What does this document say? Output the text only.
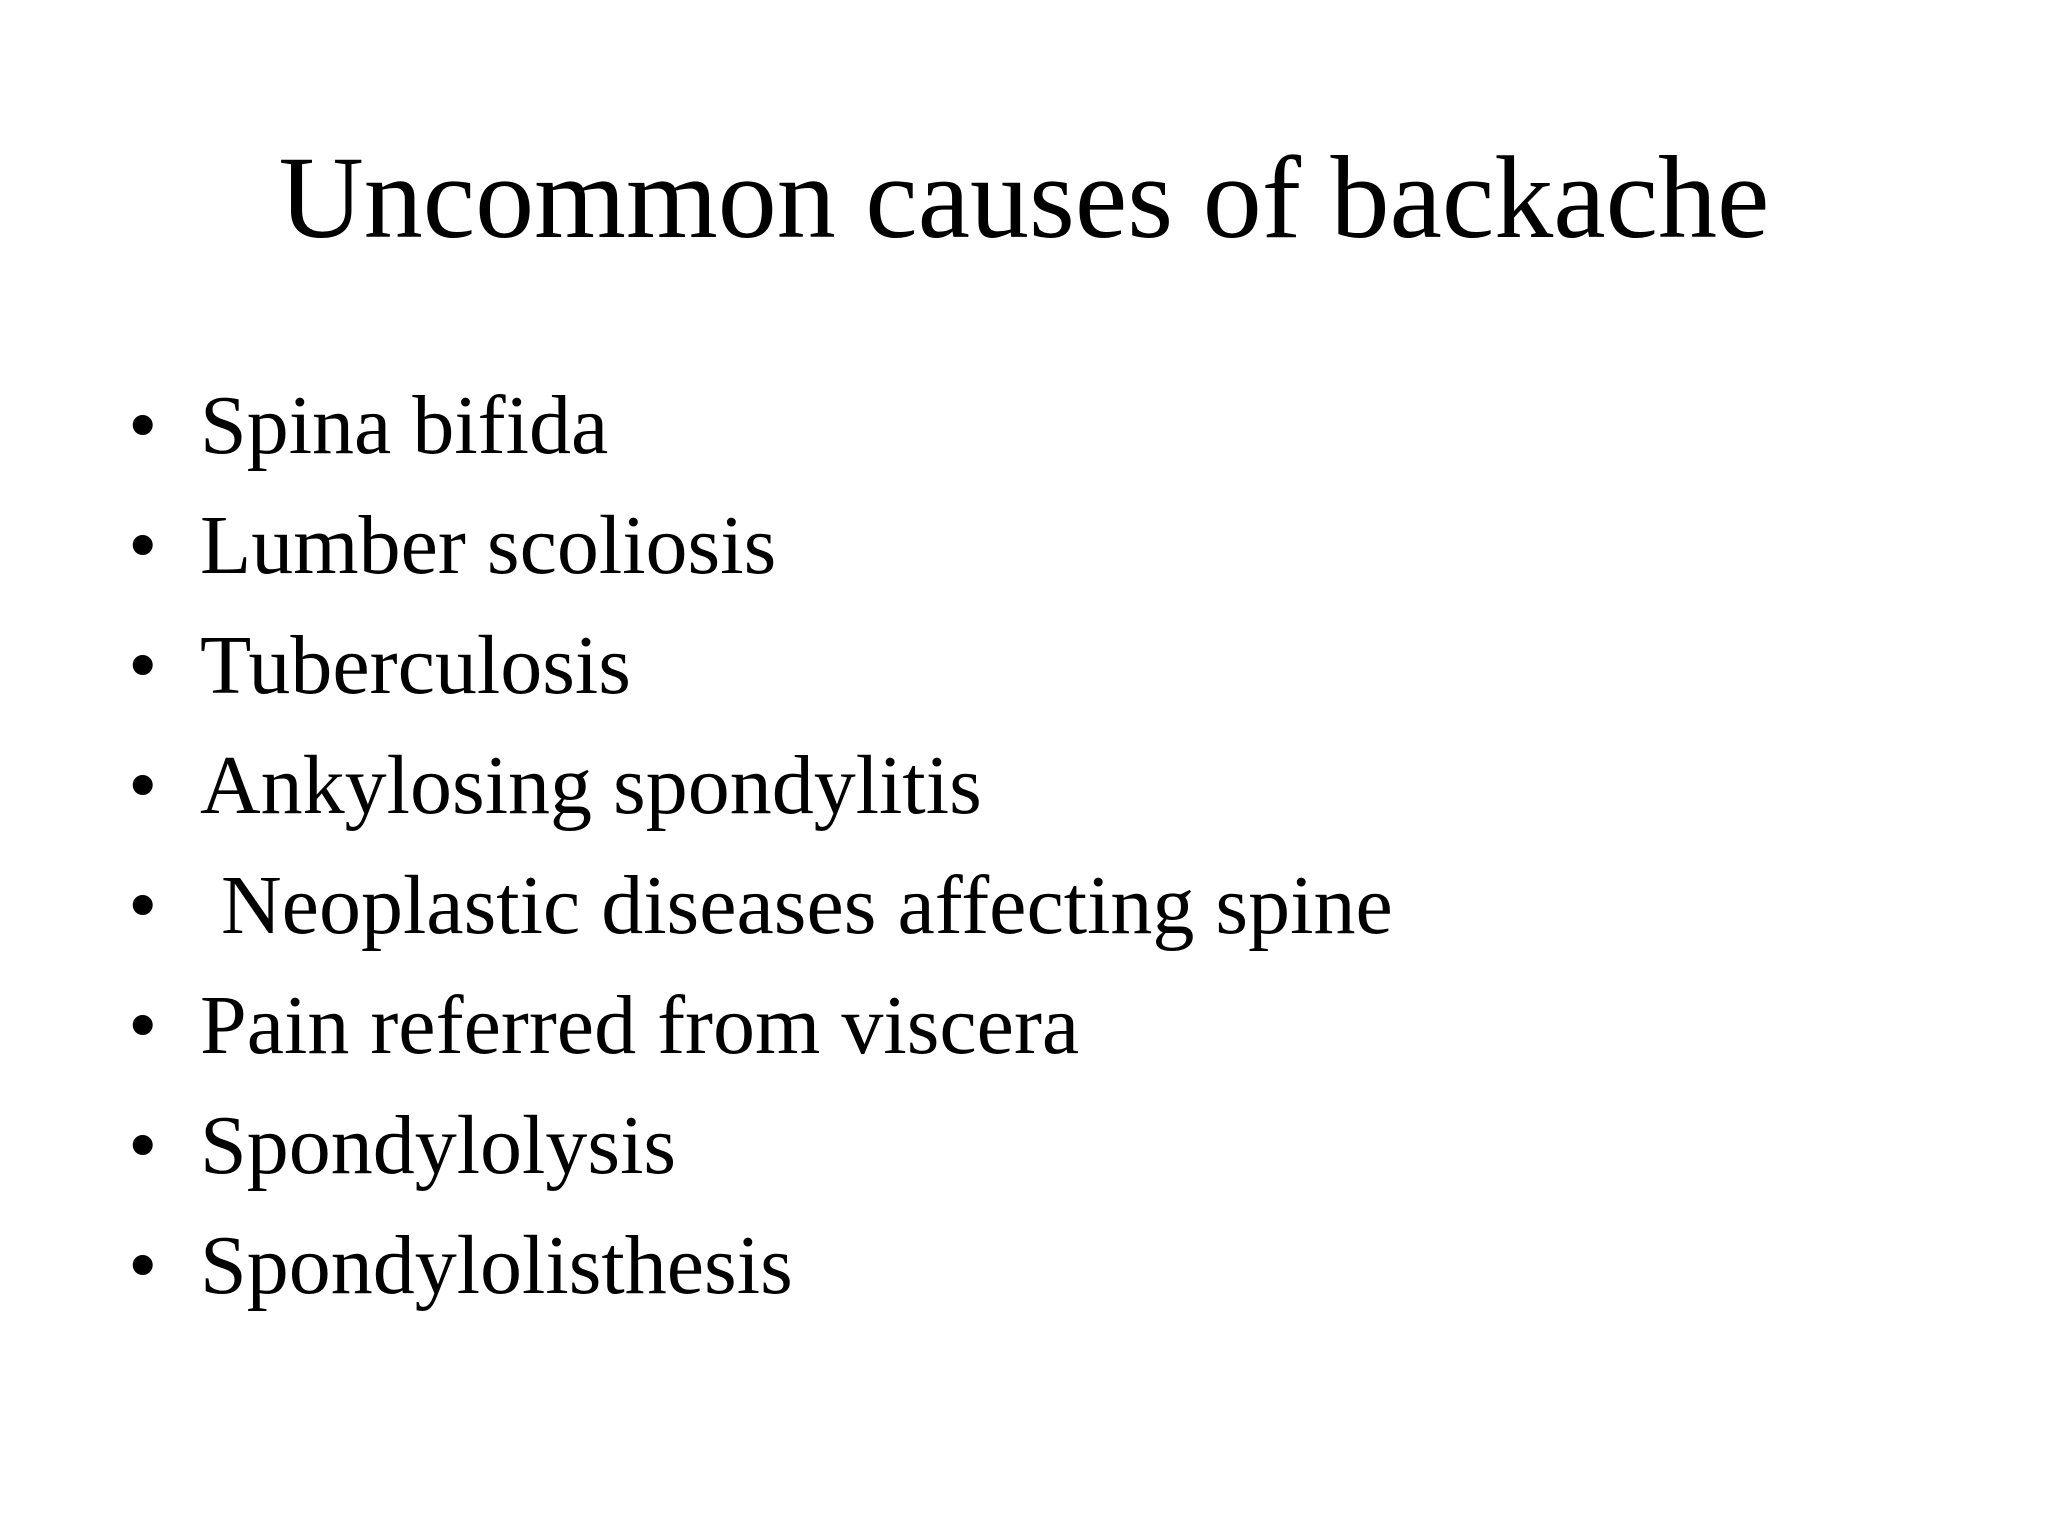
Uncommon causes of backache
• Spina bifida
• Lumber scoliosis
• Tuberculosis
• Ankylosing spondylitis
• Neoplastic diseases affecting spine
• Pain referred from viscera
• Spondylolysis
• Spondylolisthesis
